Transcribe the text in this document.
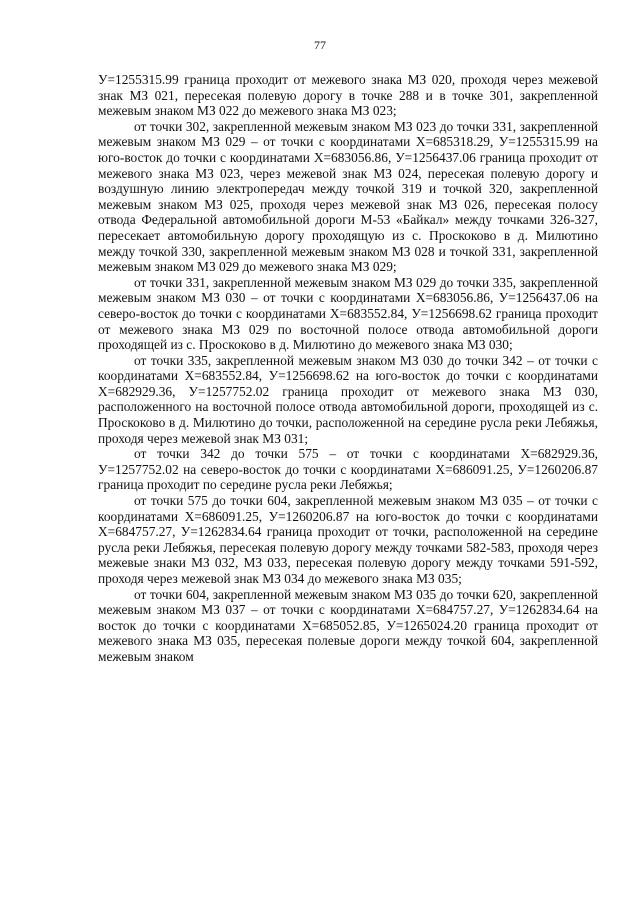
77

У=1255315.99 граница проходит от межевого знака МЗ 020, проходя через межевой знак МЗ 021, пересекая полевую дорогу в точке 288 и в точке 301, закрепленной межевым знаком МЗ 022 до межевого знака МЗ 023;

от точки 302, закрепленной межевым знаком МЗ 023 до точки 331, закрепленной межевым знаком МЗ 029 – от точки с координатами Х=685318.29, У=1255315.99 на юго-восток до точки с координатами Х=683056.86, У=1256437.06 граница проходит от межевого знака МЗ 023, через межевой знак МЗ 024, пересекая полевую дорогу и воздушную линию электропередач между точкой 319 и точкой 320, закрепленной межевым знаком МЗ 025, проходя через межевой знак МЗ 026, пересекая полосу отвода Федеральной автомобильной дороги М-53 «Байкал» между точками 326-327, пересекает автомобильную дорогу проходящую из с. Проскоково в д. Милютино между точкой 330, закрепленной межевым знаком МЗ 028 и точкой 331, закрепленной межевым знаком МЗ 029 до межевого знака МЗ 029;

от точки 331, закрепленной межевым знаком МЗ 029 до точки 335, закрепленной межевым знаком МЗ 030 – от точки с координатами Х=683056.86, У=1256437.06 на северо-восток до точки с координатами Х=683552.84, У=1256698.62 граница проходит от межевого знака МЗ 029 по восточной полосе отвода автомобильной дороги проходящей из с. Проскоково в д. Милютино до межевого знака МЗ 030;

от точки 335, закрепленной межевым знаком МЗ 030 до точки 342 – от точки с координатами Х=683552.84, У=1256698.62 на юго-восток до точки с координатами Х=682929.36, У=1257752.02 граница проходит от межевого знака МЗ 030, расположенного на восточной полосе отвода автомобильной дороги, проходящей из с. Проскоково в д. Милютино до точки, расположенной на середине русла реки Лебяжья, проходя через межевой знак МЗ 031;

от точки 342 до точки 575 – от точки с координатами Х=682929.36, У=1257752.02 на северо-восток до точки с координатами Х=686091.25, У=1260206.87 граница проходит по середине русла реки Лебяжья;

от точки 575 до точки 604, закрепленной межевым знаком МЗ 035 – от точки с координатами Х=686091.25, У=1260206.87 на юго-восток до точки с координатами Х=684757.27, У=1262834.64 граница проходит от точки, расположенной на середине русла реки Лебяжья, пересекая полевую дорогу между точками 582-583, проходя через межевые знаки МЗ 032, МЗ 033, пересекая полевую дорогу между точками 591-592, проходя через межевой знак МЗ 034 до межевого знака МЗ 035;

от точки 604, закрепленной межевым знаком МЗ 035 до точки 620, закрепленной межевым знаком МЗ 037 – от точки с координатами Х=684757.27, У=1262834.64 на восток до точки с координатами Х=685052.85, У=1265024.20 граница проходит от межевого знака МЗ 035, пересекая полевые дороги между точкой 604, закрепленной межевым знаком
